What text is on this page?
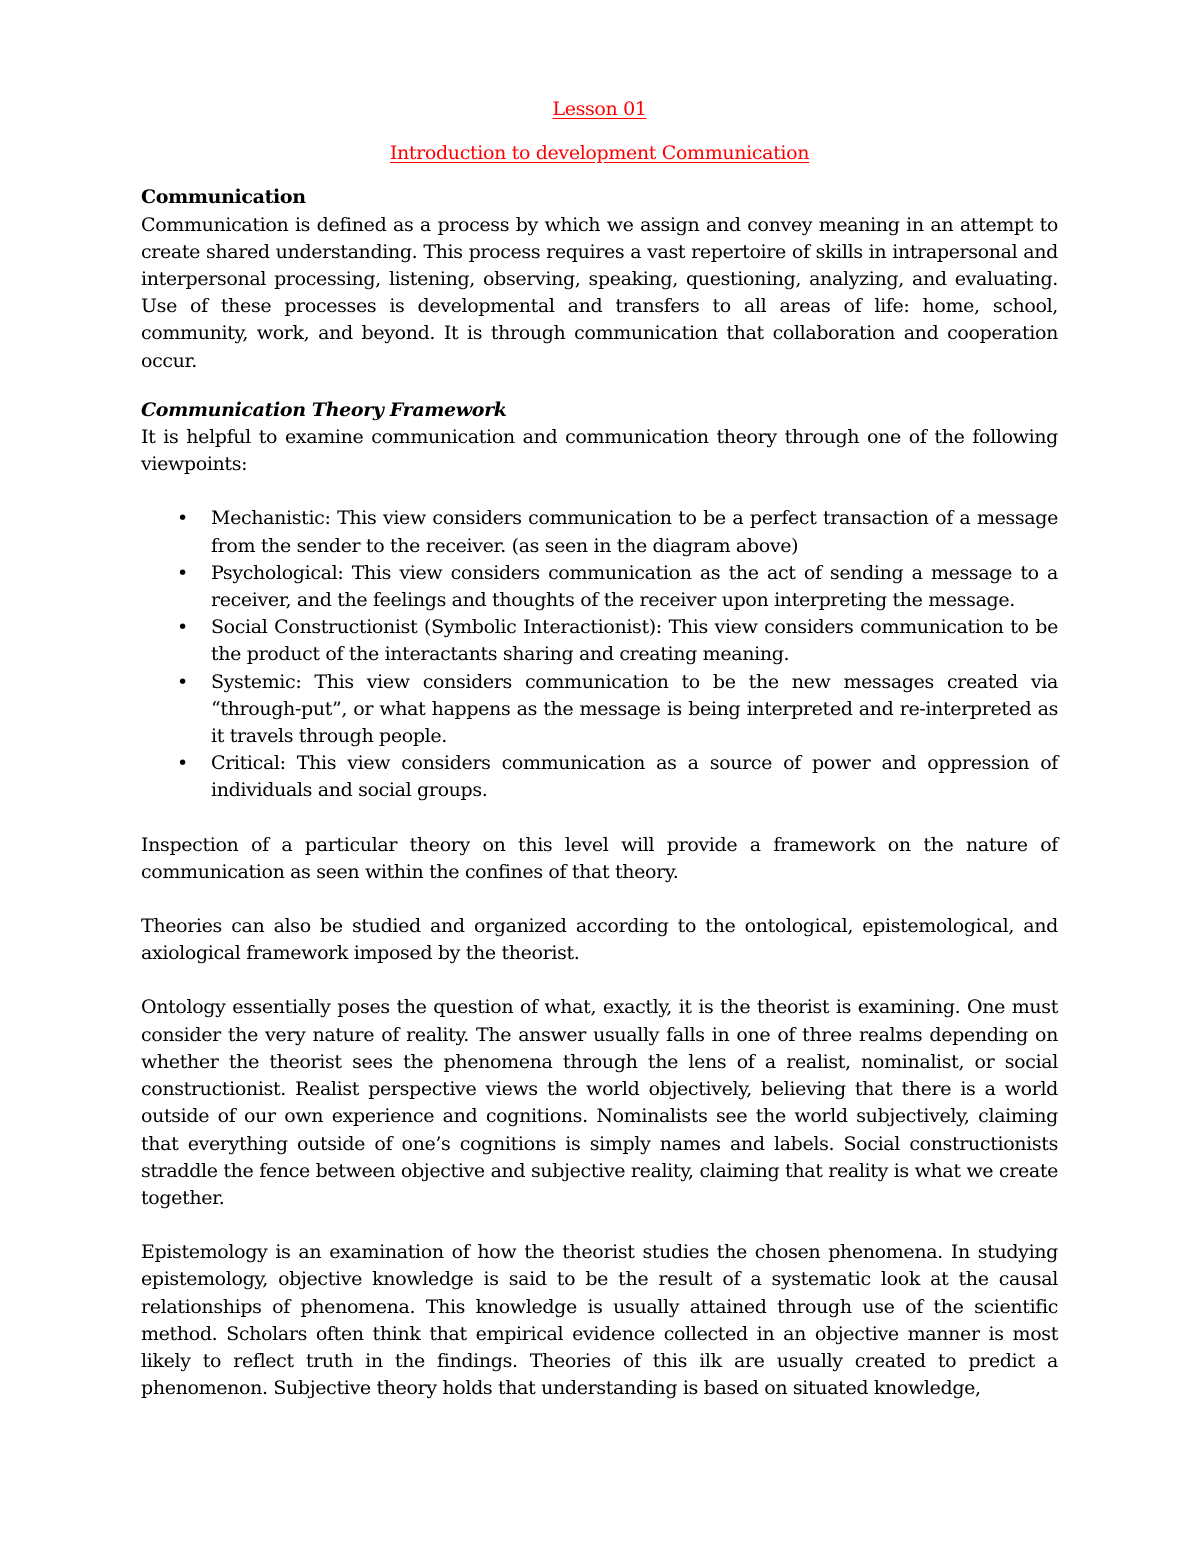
Lesson 01

Introduction to development Communication

Communication

Communication is defined as a process by which we assign and convey meaning in an attempt to create shared understanding. This process requires a vast repertoire of skills in intrapersonal and interpersonal processing, listening, observing, speaking, questioning, analyzing, and evaluating. Use of these processes is developmental and transfers to all areas of life: home, school, community, work, and beyond. It is through communication that collaboration and cooperation occur.

Communication Theory Framework

It is helpful to examine communication and communication theory through one of the following viewpoints:

• Mechanistic: This view considers communication to be a perfect transaction of a message from the sender to the receiver. (as seen in the diagram above)
• Psychological: This view considers communication as the act of sending a message to a receiver, and the feelings and thoughts of the receiver upon interpreting the message.
• Social Constructionist (Symbolic Interactionist): This view considers communication to be the product of the interactants sharing and creating meaning.
• Systemic: This view considers communication to be the new messages created via “through-put”, or what happens as the message is being interpreted and re-interpreted as it travels through people.
• Critical: This view considers communication as a source of power and oppression of individuals and social groups.

Inspection of a particular theory on this level will provide a framework on the nature of communication as seen within the confines of that theory.

Theories can also be studied and organized according to the ontological, epistemological, and axiological framework imposed by the theorist.

Ontology essentially poses the question of what, exactly, it is the theorist is examining. One must consider the very nature of reality. The answer usually falls in one of three realms depending on whether the theorist sees the phenomena through the lens of a realist, nominalist, or social constructionist. Realist perspective views the world objectively, believing that there is a world outside of our own experience and cognitions. Nominalists see the world subjectively, claiming that everything outside of one’s cognitions is simply names and labels. Social constructionists straddle the fence between objective and subjective reality, claiming that reality is what we create together.

Epistemology is an examination of how the theorist studies the chosen phenomena. In studying epistemology, objective knowledge is said to be the result of a systematic look at the causal relationships of phenomena. This knowledge is usually attained through use of the scientific method. Scholars often think that empirical evidence collected in an objective manner is most likely to reflect truth in the findings. Theories of this ilk are usually created to predict a phenomenon. Subjective theory holds that understanding is based on situated knowledge,
